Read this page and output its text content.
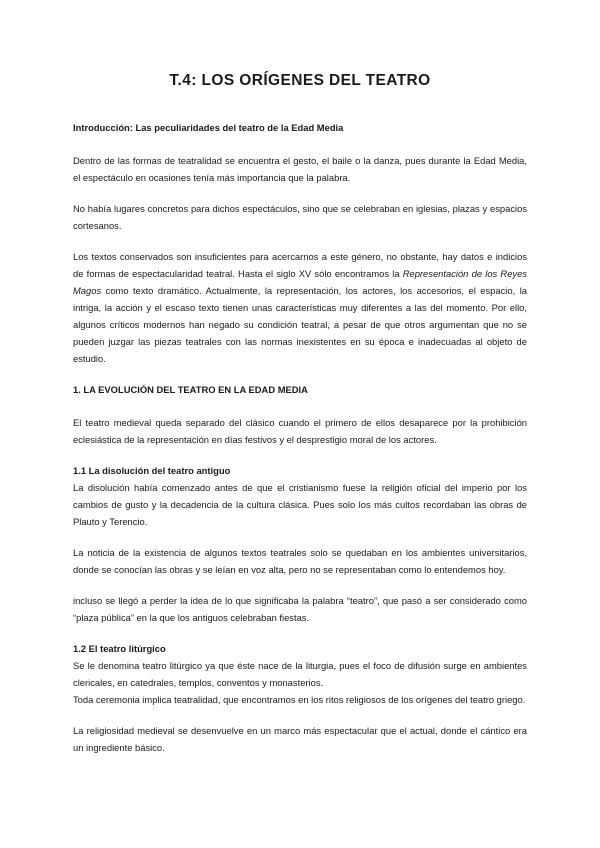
T.4: LOS ORÍGENES DEL TEATRO

Introducción: Las peculiaridades del teatro de la Edad Media

Dentro de las formas de teatralidad se encuentra el gesto, el baile o la danza, pues durante la Edad Media, el espectáculo en ocasiones tenía más importancia que la palabra.

No había lugares concretos para dichos espectáculos, sino que se celebraban en iglesias, plazas y espacios cortesanos.

Los textos conservados son insuficientes para acercarnos a este género, no obstante, hay datos e indicios de formas de espectacularidad teatral. Hasta el siglo XV sólo encontramos la Representación de los Reyes Magos como texto dramático. Actualmente, la representación, los actores, los accesorios, el espacio, la intriga, la acción y el escaso texto tienen unas características muy diferentes a las del momento. Por ello, algunos críticos modernos han negado su condición teatral, a pesar de que otros argumentan que no se pueden juzgar las piezas teatrales con las normas inexistentes en su época e inadecuadas al objeto de estudio.

1. LA EVOLUCIÓN DEL TEATRO EN LA EDAD MEDIA

El teatro medieval queda separado del clásico cuando el primero de ellos desaparece por la prohibición eclesiástica de la representación en días festivos y el desprestigio moral de los actores.

1.1 La disolución del teatro antiguo

La disolución había comenzado antes de que el cristianismo fuese la religión oficial del imperio por los cambios de gusto y la decadencia de la cultura clásica. Pues solo los más cultos recordaban las obras de Plauto y Terencio.

La noticia de la existencia de algunos textos teatrales solo se quedaban en los ambientes universitarios, donde se conocían las obras y se leían en voz alta, pero no se representaban como lo entendemos hoy.

incluso se llegó a perder la idea de lo que significaba la palabra “teatro”, que pasó a ser considerado como “plaza pública” en la que los antiguos celebraban fiestas.

1.2 El teatro litúrgico

Se le denomina teatro litúrgico ya que éste nace de la liturgia, pues el foco de difusión surge en ambientes clericales, en catedrales, templos, conventos y monasterios.

Toda ceremonia implica teatralidad, que encontramos en los ritos religiosos de los orígenes del teatro griego.

La religiosidad medieval se desenvuelve en un marco más espectacular que el actual, donde el cántico era un ingrediente básico.
